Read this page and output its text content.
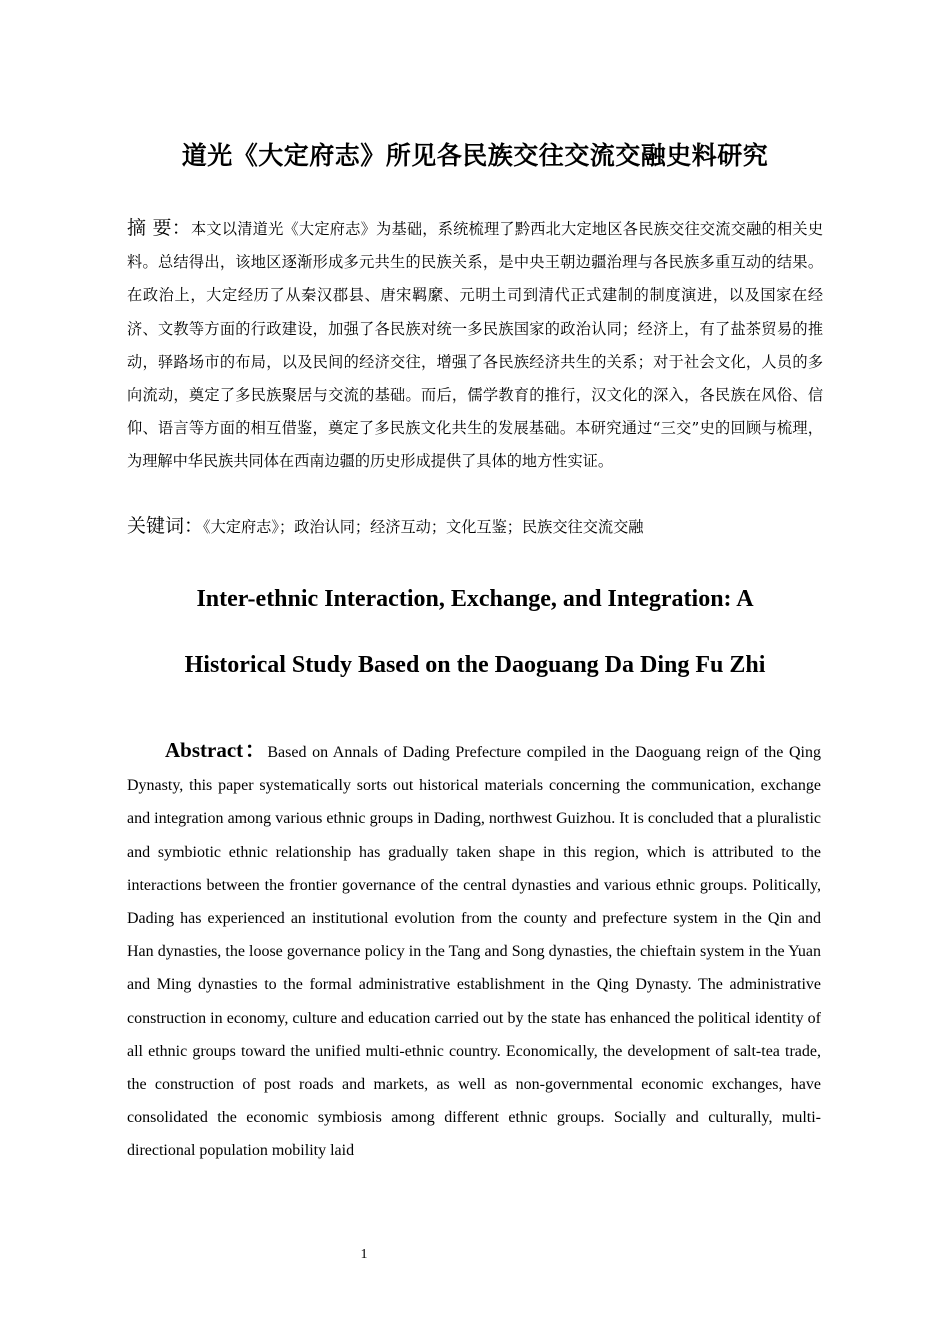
道光《大定府志》所见各民族交往交流交融史料研究
摘 要：本文以清道光《大定府志》为基础，系统梳理了黔西北大定地区各民族交往交流交融的相关史料。总结得出，该地区逐渐形成多元共生的民族关系，是中央王朝边疆治理与各民族多重互动的结果。在政治上，大定经历了从秦汉郡县、唐宋羁縻、元明土司到清代正式建制的制度演进，以及国家在经济、文教等方面的行政建设，加强了各民族对统一多民族国家的政治认同；经济上，有了盐茶贸易的推动，驿路场市的布局，以及民间的经济交往，增强了各民族经济共生的关系；对于社会文化，人员的多向流动，奠定了多民族聚居与交流的基础。而后，儒学教育的推行，汉文化的深入，各民族在风俗、信仰、语言等方面的相互借鉴，奠定了多民族文化共生的发展基础。本研究通过“三交”史的回顾与梳理，为理解中华民族共同体在西南边疆的历史形成提供了具体的地方性实证。
关键词：《大定府志》；政治认同；经济互动；文化互鉴；民族交往交流交融
Inter-ethnic Interaction, Exchange, and Integration: A
Historical Study Based on the Daoguang Da Ding Fu Zhi
Abstract：Based on Annals of Dading Prefecture compiled in the Daoguang reign of the Qing Dynasty, this paper systematically sorts out historical materials concerning the communication, exchange and integration among various ethnic groups in Dading, northwest Guizhou. It is concluded that a pluralistic and symbiotic ethnic relationship has gradually taken shape in this region, which is attributed to the interactions between the frontier governance of the central dynasties and various ethnic groups. Politically, Dading has experienced an institutional evolution from the county and prefecture system in the Qin and Han dynasties, the loose governance policy in the Tang and Song dynasties, the chieftain system in the Yuan and Ming dynasties to the formal administrative establishment in the Qing Dynasty. The administrative construction in economy, culture and education carried out by the state has enhanced the political identity of all ethnic groups toward the unified multi-ethnic country. Economically, the development of salt-tea trade, the construction of post roads and markets, as well as non-governmental economic exchanges, have consolidated the economic symbiosis among different ethnic groups. Socially and culturally, multi-directional population mobility laid
1
